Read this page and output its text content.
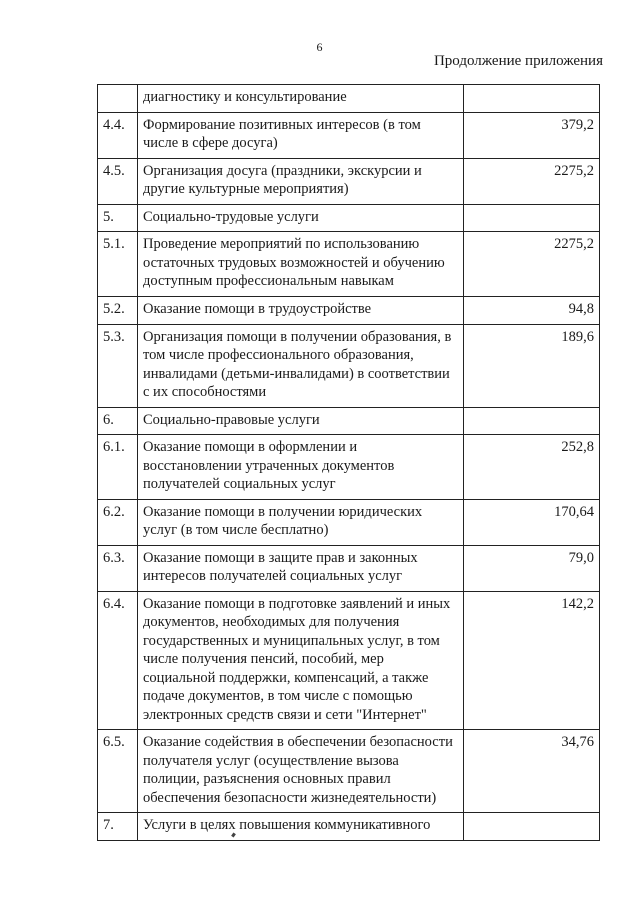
6
Продолжение приложения
	диагностику и консультирование	
4.4.	Формирование позитивных интересов (в том числе в сфере досуга)	379,2
4.5.	Организация досуга (праздники, экскурсии и другие культурные мероприятия)	2275,2
5.	Социально-трудовые услуги	
5.1.	Проведение мероприятий по использованию остаточных трудовых возможностей и обучению доступным профессиональным навыкам	2275,2
5.2.	Оказание помощи в трудоустройстве	94,8
5.3.	Организация помощи в получении образования, в том числе профессионального образования, инвалидами (детьми-инвалидами) в соответствии с их способностями	189,6
6.	Социально-правовые услуги	
6.1.	Оказание помощи в оформлении и восстановлении утраченных документов получателей социальных услуг	252,8
6.2.	Оказание помощи в получении юридических услуг (в том числе бесплатно)	170,64
6.3.	Оказание помощи в защите прав и законных интересов получателей социальных услуг	79,0
6.4.	Оказание помощи в подготовке заявлений и иных документов, необходимых для получения государственных и муниципальных услуг, в том числе получения пенсий, пособий, мер социальной поддержки, компенсаций, а также подаче документов, в том числе с помощью электронных средств связи и сети "Интернет"	142,2
6.5.	Оказание содействия в обеспечении безопасности получателя услуг (осуществление вызова полиции, разъяснения основных правил обеспечения безопасности жизнедеятельности)	34,76
7.	Услуги в целях повышения коммуникативного	
